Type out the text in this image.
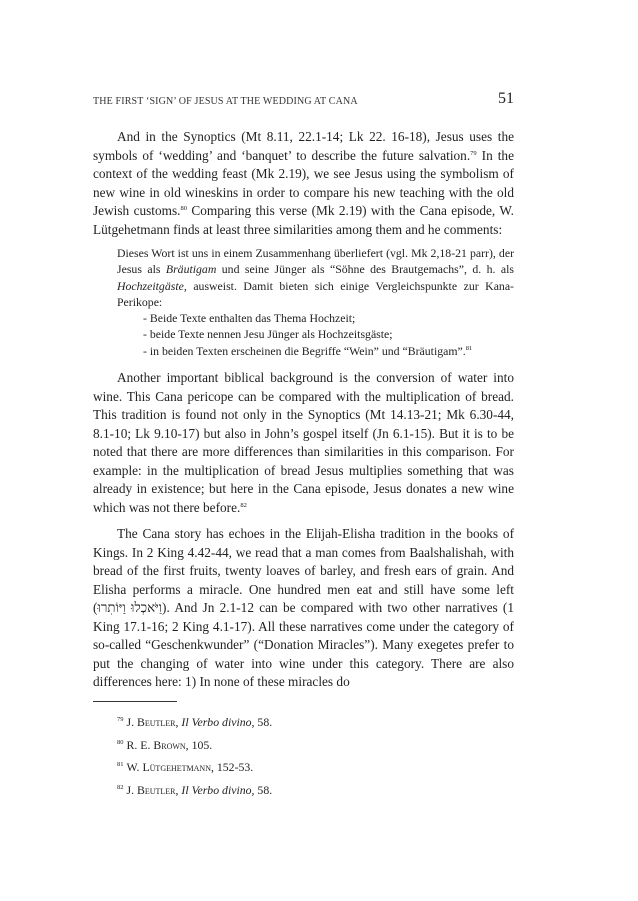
THE FIRST ‘SIGN’ OF JESUS AT THE WEDDING AT CANA	51

And in the Synoptics (Mt 8.11, 22.1-14; Lk 22. 16-18), Jesus uses the symbols of ‘wedding’ and ‘banquet’ to describe the future salvation.$^{79}$ In the context of the wedding feast (Mk 2.19), we see Jesus using the symbolism of new wine in old wineskins in order to compare his new teaching with the old Jewish customs.$^{80}$ Comparing this verse (Mk 2.19) with the Cana episode, W. Lütgehetmann finds at least three similarities among them and he comments:

Dieses Wort ist uns in einem Zusammenhang überliefert (vgl. Mk 2,18-21 parr), der Jesus als Bräutigam und seine Jünger als “Söhne des Brautgemachs”, d. h. als Hochzeitgäste, ausweist. Damit bieten sich einige Vergleichspunkte zur Kana-Perikope:
- Beide Texte enthalten das Thema Hochzeit;
- beide Texte nennen Jesu Jünger als Hochzeitsgäste;
- in beiden Texten erscheinen die Begriffe “Wein” und “Bräutigam”.$^{81}$

Another important biblical background is the conversion of water into wine. This Cana pericope can be compared with the multiplication of bread. This tradition is found not only in the Synoptics (Mt 14.13-21; Mk 6.30-44, 8.1-10; Lk 9.10-17) but also in John’s gospel itself (Jn 6.1-15). But it is to be noted that there are more differences than similarities in this comparison. For example: in the multiplication of bread Jesus multiplies something that was already in existence; but here in the Cana episode, Jesus donates a new wine which was not there before.$^{82}$

The Cana story has echoes in the Elijah-Elisha tradition in the books of Kings. In 2 King 4.42-44, we read that a man comes from Baalshalishah, with bread of the first fruits, twenty loaves of barley, and fresh ears of grain. And Elisha performs a miracle. One hundred men eat and still have some left (וַיֹּאכְלוּ וַיּוֹתִרוּ). And Jn 2.1-12 can be compared with two other narratives (1 King 17.1-16; 2 King 4.1-17). All these narratives come under the category of so-called “Geschenkwunder” (“Donation Miracles”). Many exegetes prefer to put the changing of water into wine under this category. There are also differences here: 1) In none of these miracles do

$^{79}$ J. Beutler, Il Verbo divino, 58.
$^{80}$ R. E. Brown, 105.
$^{81}$ W. Lütgehetmann, 152-53.
$^{82}$ J. Beutler, Il Verbo divino, 58.
